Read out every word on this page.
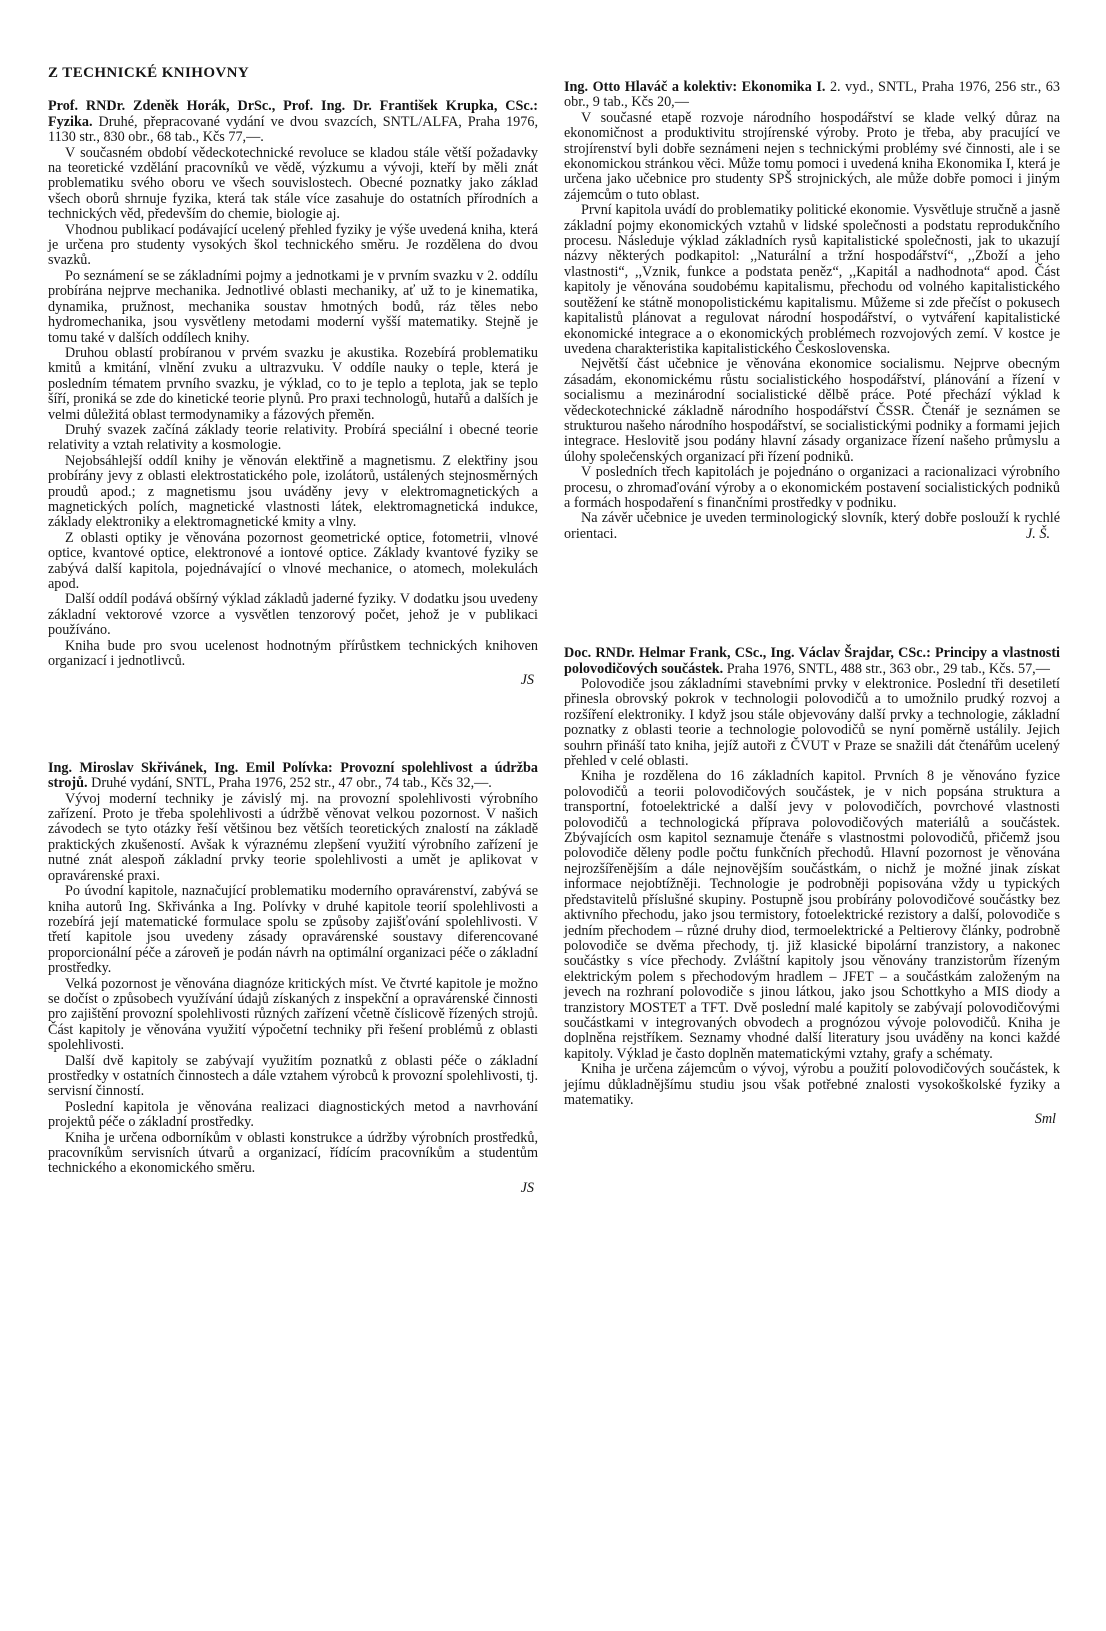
Z TECHNICKÉ KNIHOVNY

Prof. RNDr. Zdeněk Horák, DrSc., Prof. Ing. Dr. František Krupka, CSc.: Fyzika. Druhé, přepracované vydání ve dvou svazcích, SNTL/ALFA, Praha 1976, 1130 str., 830 obr., 68 tab., Kčs 77,—.

V současném období vědeckotechnické revoluce se kladou stále větší požadavky na teoretické vzdělání pracovníků ve vědě, výzkumu a vývoji, kteří by měli znát problematiku svého oboru ve všech souvislostech. Obecné poznatky jako základ všech oborů shrnuje fyzika, která tak stále více zasahuje do ostatních přírodních a technických věd, především do chemie, biologie aj.

Vhodnou publikací podávající ucelený přehled fyziky je výše uvedená kniha, která je určena pro studenty vysokých škol technického směru. Je rozdělena do dvou svazků.

Po seznámení se se základními pojmy a jednotkami je v prvním svazku v 2. oddílu probírána nejprve mechanika. Jednotlivé oblasti mechaniky, ať už to je kinematika, dynamika, pružnost, mechanika soustav hmotných bodů, ráz těles nebo hydromechanika, jsou vysvětleny metodami moderní vyšší matematiky. Stejně je tomu také v dalších oddílech knihy.

Druhou oblastí probíranou v prvém svazku je akustika. Rozebírá problematiku kmitů a kmitání, vlnění zvuku a ultrazvuku. V oddíle nauky o teple, která je posledním tématem prvního svazku, je výklad, co to je teplo a teplota, jak se teplo šíří, proniká se zde do kinetické teorie plynů. Pro praxi technologů, hutařů a dalších je velmi důležitá oblast termodynamiky a fázových přeměn.

Druhý svazek začíná základy teorie relativity. Probírá speciální i obecné teorie relativity a vztah relativity a kosmologie.

Nejobsáhlejší oddíl knihy je věnován elektřině a magnetismu. Z elektřiny jsou probírány jevy z oblasti elektrostatického pole, izolátorů, ustálených stejnosměrných proudů apod.; z magnetismu jsou uváděny jevy v elektromagnetických a magnetických polích, magnetické vlastnosti látek, elektromagnetická indukce, základy elektroniky a elektromagnetické kmity a vlny.

Z oblasti optiky je věnována pozornost geometrické optice, fotometrii, vlnové optice, kvantové optice, elektronové a iontové optice. Základy kvantové fyziky se zabývá další kapitola, pojednávající o vlnové mechanice, o atomech, molekulách apod.

Další oddíl podává obšírný výklad základů jaderné fyziky. V dodatku jsou uvedeny základní vektorové vzorce a vysvětlen tenzorový počet, jehož je v publikaci používáno.

Kniha bude pro svou ucelenost hodnotným přírůstkem technických knihoven organizací i jednotlivců.

JS

Ing. Miroslav Skřivánek, Ing. Emil Polívka: Provozní spolehlivost a údržba strojů. Druhé vydání, SNTL, Praha 1976, 252 str., 47 obr., 74 tab., Kčs 32,—.

Vývoj moderní techniky je závislý mj. na provozní spolehlivosti výrobního zařízení. Proto je třeba spolehlivosti a údržbě věnovat velkou pozornost. V našich závodech se tyto otázky řeší většinou bez větších teoretických znalostí na základě praktických zkušeností. Avšak k výraznému zlepšení využití výrobního zařízení je nutné znát alespoň základní prvky teorie spolehlivosti a umět je aplikovat v opravárenské praxi.

Po úvodní kapitole, naznačující problematiku moderního opravárenství, zabývá se kniha autorů Ing. Skřivánka a Ing. Polívky v druhé kapitole teorií spolehlivosti a rozebírá její matematické formulace spolu se způsoby zajišťování spolehlivosti. V třetí kapitole jsou uvedeny zásady opravárenské soustavy diferencované proporcionální péče a zároveň je podán návrh na optimální organizaci péče o základní prostředky.

Velká pozornost je věnována diagnóze kritických míst. Ve čtvrté kapitole je možno se dočíst o způsobech využívání údajů získaných z inspekční a opravárenské činnosti pro zajištění provozní spolehlivosti různých zařízení včetně číslicově řízených strojů. Část kapitoly je věnována využití výpočetní techniky při řešení problémů z oblasti spolehlivosti.

Další dvě kapitoly se zabývají využitím poznatků z oblasti péče o základní prostředky v ostatních činnostech a dále vztahem výrobců k provozní spolehlivosti, tj. servisní činností.

Poslední kapitola je věnována realizaci diagnostických metod a navrhování projektů péče o základní prostředky.

Kniha je určena odborníkům v oblasti konstrukce a údržby výrobních prostředků, pracovníkům servisních útvarů a organizací, řídícím pracovníkům a studentům technického a ekonomického směru.

JS

Ing. Otto Hlaváč a kolektiv: Ekonomika I. 2. vyd., SNTL, Praha 1976, 256 str., 63 obr., 9 tab., Kčs 20,—

V současné etapě rozvoje národního hospodářství se klade velký důraz na ekonomičnost a produktivitu strojírenské výroby. Proto je třeba, aby pracující ve strojírenství byli dobře seznámeni nejen s technickými problémy své činnosti, ale i se ekonomickou stránkou věci. Může tomu pomoci i uvedená kniha Ekonomika I, která je určena jako učebnice pro studenty SPŠ strojnických, ale může dobře pomoci i jiným zájemcům o tuto oblast.

První kapitola uvádí do problematiky politické ekonomie. Vysvětluje stručně a jasně základní pojmy ekonomických vztahů v lidské společnosti a podstatu reprodukčního procesu. Následuje výklad základních rysů kapitalistické společnosti, jak to ukazují názvy některých podkapitol: ,,Naturální a tržní hospodářství“, ,,Zboží a jeho vlastnosti“, ,,Vznik, funkce a podstata peněz“, ,,Kapitál a nadhodnota“ apod. Část kapitoly je věnována soudobému kapitalismu, přechodu od volného kapitalistického soutěžení ke státně monopolistickému kapitalismu. Můžeme si zde přečíst o pokusech kapitalistů plánovat a regulovat národní hospodářství, o vytváření kapitalistické ekonomické integrace a o ekonomických problémech rozvojových zemí. V kostce je uvedena charakteristika kapitalistického Československa.

Největší část učebnice je věnována ekonomice socialismu. Nejprve obecným zásadám, ekonomickému růstu socialistického hospodářství, plánování a řízení v socialismu a mezinárodní socialistické dělbě práce. Poté přechází výklad k vědeckotechnické základně národního hospodářství ČSSR. Čtenář je seznámen se strukturou našeho národního hospodářství, se socialistickými podniky a formami jejich integrace. Heslovitě jsou podány hlavní zásady organizace řízení našeho průmyslu a úlohy společenských organizací při řízení podniků.

V posledních třech kapitolách je pojednáno o organizaci a racionalizaci výrobního procesu, o zhromaďování výroby a o ekonomickém postavení socialistických podniků a formách hospodaření s finančními prostředky v podniku.

Na závěr učebnice je uveden terminologický slovník, který dobře poslouží k rychlé orientaci.	J. Š.

Doc. RNDr. Helmar Frank, CSc., Ing. Václav Šrajdar, CSc.: Principy a vlastnosti polovodičových součástek. Praha 1976, SNTL, 488 str., 363 obr., 29 tab., Kčs. 57,—

Polovodiče jsou základními stavebními prvky v elektronice. Poslední tři desetiletí přinesla obrovský pokrok v technologii polovodičů a to umožnilo prudký rozvoj a rozšíření elektroniky. I když jsou stále objevovány další prvky a technologie, základní poznatky z oblasti teorie a technologie polovodičů se nyní poměrně ustálily. Jejich souhrn přináší tato kniha, jejíž autoři z ČVUT v Praze se snažili dát čtenářům ucelený přehled v celé oblasti.

Kniha je rozdělena do 16 základních kapitol. Prvních 8 je věnováno fyzice polovodičů a teorii polovodičových součástek, je v nich popsána struktura a transportní, fotoelektrické a další jevy v polovodičích, povrchové vlastnosti polovodičů a technologická příprava polovodičových materiálů a součástek. Zbývajících osm kapitol seznamuje čtenáře s vlastnostmi polovodičů, přičemž jsou polovodiče děleny podle počtu funkčních přechodů. Hlavní pozornost je věnována nejrozšířenějším a dále nejnovějším součástkám, o nichž je možné jinak získat informace nejobtížněji. Technologie je podrobněji popisována vždy u typických představitelů příslušné skupiny. Postupně jsou probírány polovodičové součástky bez aktivního přechodu, jako jsou termistory, fotoelektrické rezistory a další, polovodiče s jedním přechodem – různé druhy diod, termoelektrické a Peltierovy články, podrobně polovodiče se dvěma přechody, tj. již klasické bipolární tranzistory, a nakonec součástky s více přechody. Zvláštní kapitoly jsou věnovány tranzistorům řízeným elektrickým polem s přechodovým hradlem – JFET – a součástkám založeným na jevech na rozhraní polovodiče s jinou látkou, jako jsou Schottkyho a MIS diody a tranzistory MOSTET a TFT. Dvě poslední malé kapitoly se zabývají polovodičovými součástkami v integrovaných obvodech a prognózou vývoje polovodičů. Kniha je doplněna rejstříkem. Seznamy vhodné další literatury jsou uváděny na konci každé kapitoly. Výklad je často doplněn matematickými vztahy, grafy a schématy.

Kniha je určena zájemcům o vývoj, výrobu a použití polovodičových součástek, k jejímu důkladnějšímu studiu jsou však potřebné znalosti vysokoškolské fyziky a matematiky.

Sml
